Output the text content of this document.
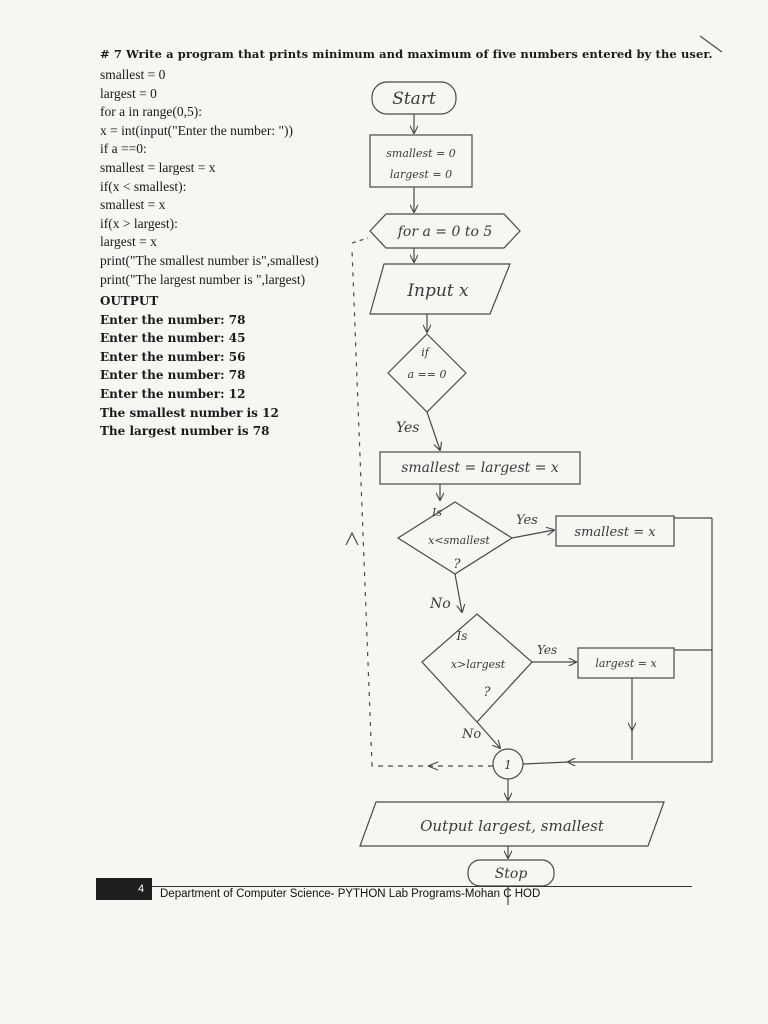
# 7 Write a program that prints minimum and maximum of five numbers entered by the user.
smallest = 0
largest = 0
for a in range(0,5):
x = int(input("Enter the number: "))
if a ==0:
smallest = largest = x
if(x < smallest):
smallest = x
if(x > largest):
largest = x
print("The smallest number is",smallest)
print("The largest number is ",largest)
OUTPUT
Enter the number: 78
Enter the number: 45
Enter the number: 56
Enter the number: 78
Enter the number: 12
The smallest number is 12
The largest number is 78
Start
smallest = 0
largest = 0
for a = 0 to 5
Input x
if
a == 0
Yes
smallest = largest = x
Is
x<smallest
?
Yes
smallest = x
No
Is
x>largest
?
Yes
largest = x
No
1
Output largest, smallest
Stop
4 Department of Computer Science- PYTHON Lab Programs-Mohan C HOD
